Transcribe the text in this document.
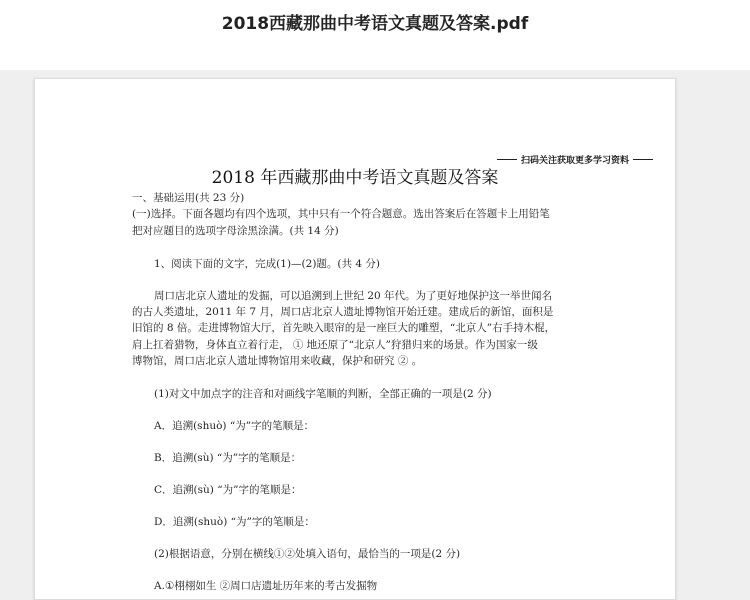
2018西藏那曲中考语文真题及答案.pdf
扫码关注获取更多学习资料
2018 年西藏那曲中考语文真题及答案
一、基础运用(共 23 分)
(一)选择。下面各题均有四个选项，其中只有一个符合题意。选出答案后在答题卡上用铅笔
把对应题目的选项字母涂黑涂满。(共 14 分)
1、阅读下面的文字，完成(1)—(2)题。(共 4 分)
周口店北京人遗址的发掘，可以追溯到上世纪 20 年代。为了更好地保护这一举世闻名
的古人类遗址，2011 年 7 月，周口店北京人遗址博物馆开始迁建。建成后的新馆，面积是
旧馆的 8 倍。走进博物馆大厅，首先映入眼帘的是一座巨大的雕塑，“北京人”右手持木棍，
肩上扛着猎物，身体直立着行走， ① 地还原了“北京人”狩猎归来的场景。作为国家一级
博物馆，周口店北京人遗址博物馆用来收藏，保护和研究 ② 。
(1)对文中加点字的注音和对画线字笔顺的判断，全部正确的一项是(2 分)
A．追溯(shuò) “为”字的笔顺是：
B．追溯(sù) “为”字的笔顺是：
C．追溯(sù) “为”字的笔顺是：
D．追溯(shuò) “为”字的笔顺是：
(2)根据语意，分别在横线①②处填入语句，最恰当的一项是(2 分)
A.①栩栩如生 ②周口店遗址历年来的考古发掘物
